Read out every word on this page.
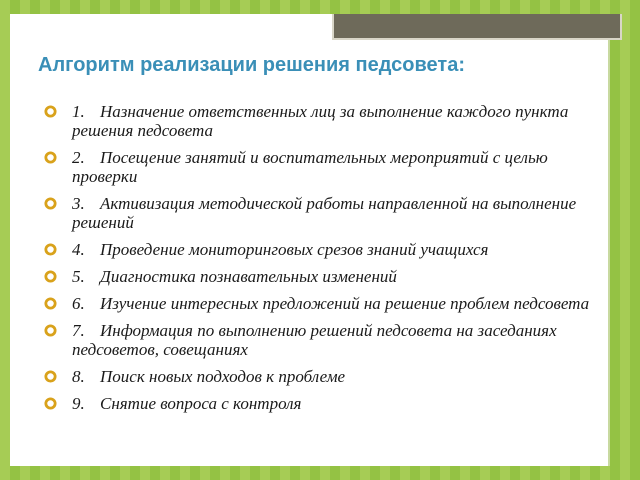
Алгоритм реализации решения педсовета:
1. Назначение ответственных лиц за выполнение каждого пункта решения педсовета
2. Посещение занятий и воспитательных мероприятий с целью проверки
3. Активизация методической работы направленной на выполнение решений
4. Проведение мониторинговых срезов знаний учащихся
5. Диагностика познавательных изменений
6. Изучение интересных предложений на решение проблем педсовета
7. Информация по выполнению решений педсовета на заседаниях педсоветов, совещаниях
8. Поиск новых подходов к проблеме
9. Снятие вопроса с контроля
